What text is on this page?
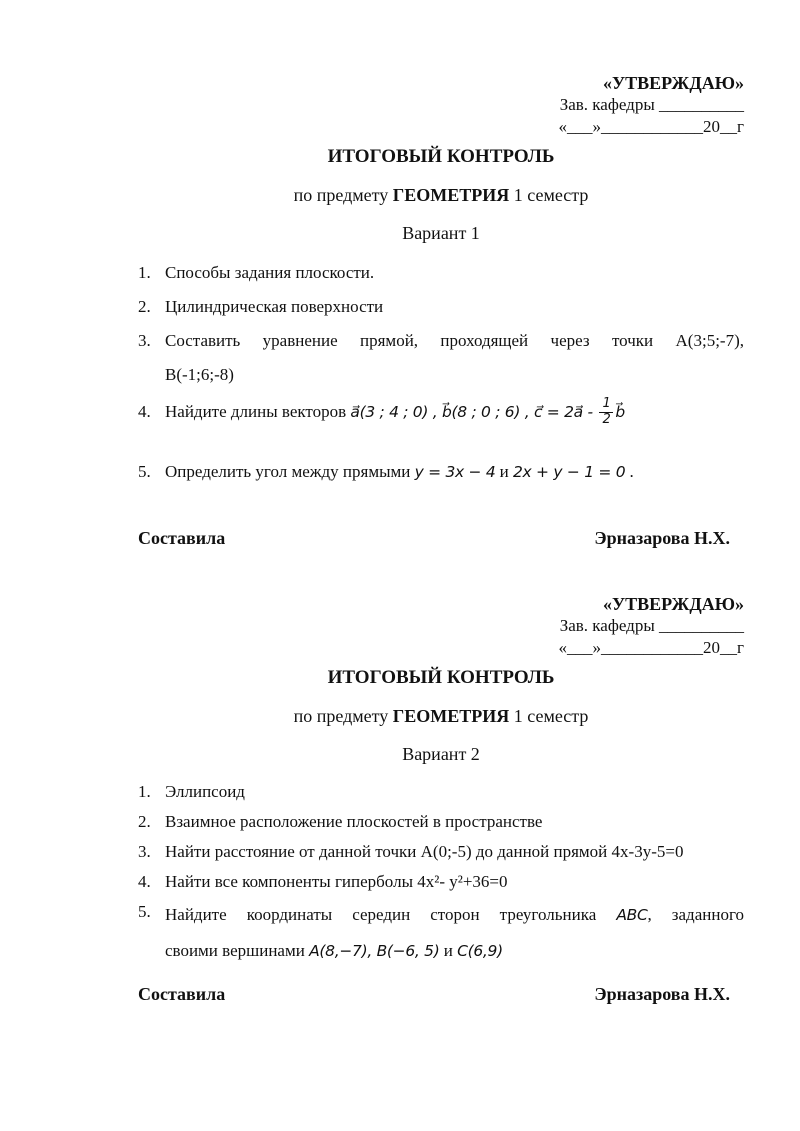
«УТВЕРЖДАЮ»
Зав. кафедры __________
«___»____________20__г
ИТОГОВЫЙ КОНТРОЛЬ
по предмету ГЕОМЕТРИЯ 1 семестр
Вариант 1
1. Способы задания плоскости.
2. Цилиндрическая поверхности
3. Составить уравнение прямой, проходящей через точки А(3;5;-7),
В(-1;6;-8)
4. Найдите длины векторов a⃗(3 ; 4 ; 0) , b⃗(8 ; 0 ; 6) , c⃗ = 2a⃗ - $\frac{1}{2}$ b⃗
5. Определить угол между прямыми y = 3x − 4 и 2x + y − 1 = 0 .
Составила	Эрназарова Н.Х.
«УТВЕРЖДАЮ»
Зав. кафедры __________
«___»____________20__г
ИТОГОВЫЙ КОНТРОЛЬ
по предмету ГЕОМЕТРИЯ 1 семестр
Вариант 2
1. Эллипсоид
2. Взаимное расположение плоскостей в пространстве
3. Найти расстояние от данной точки А(0;-5) до данной прямой 4x-3y-5=0
4. Найти все компоненты гиперболы 4x²- y²+36=0
5. Найдите координаты середин сторон треугольника ABC, заданного
своими вершинами A(8,−7), B(−6, 5) и C(6,9)
Составила	Эрназарова Н.Х.
